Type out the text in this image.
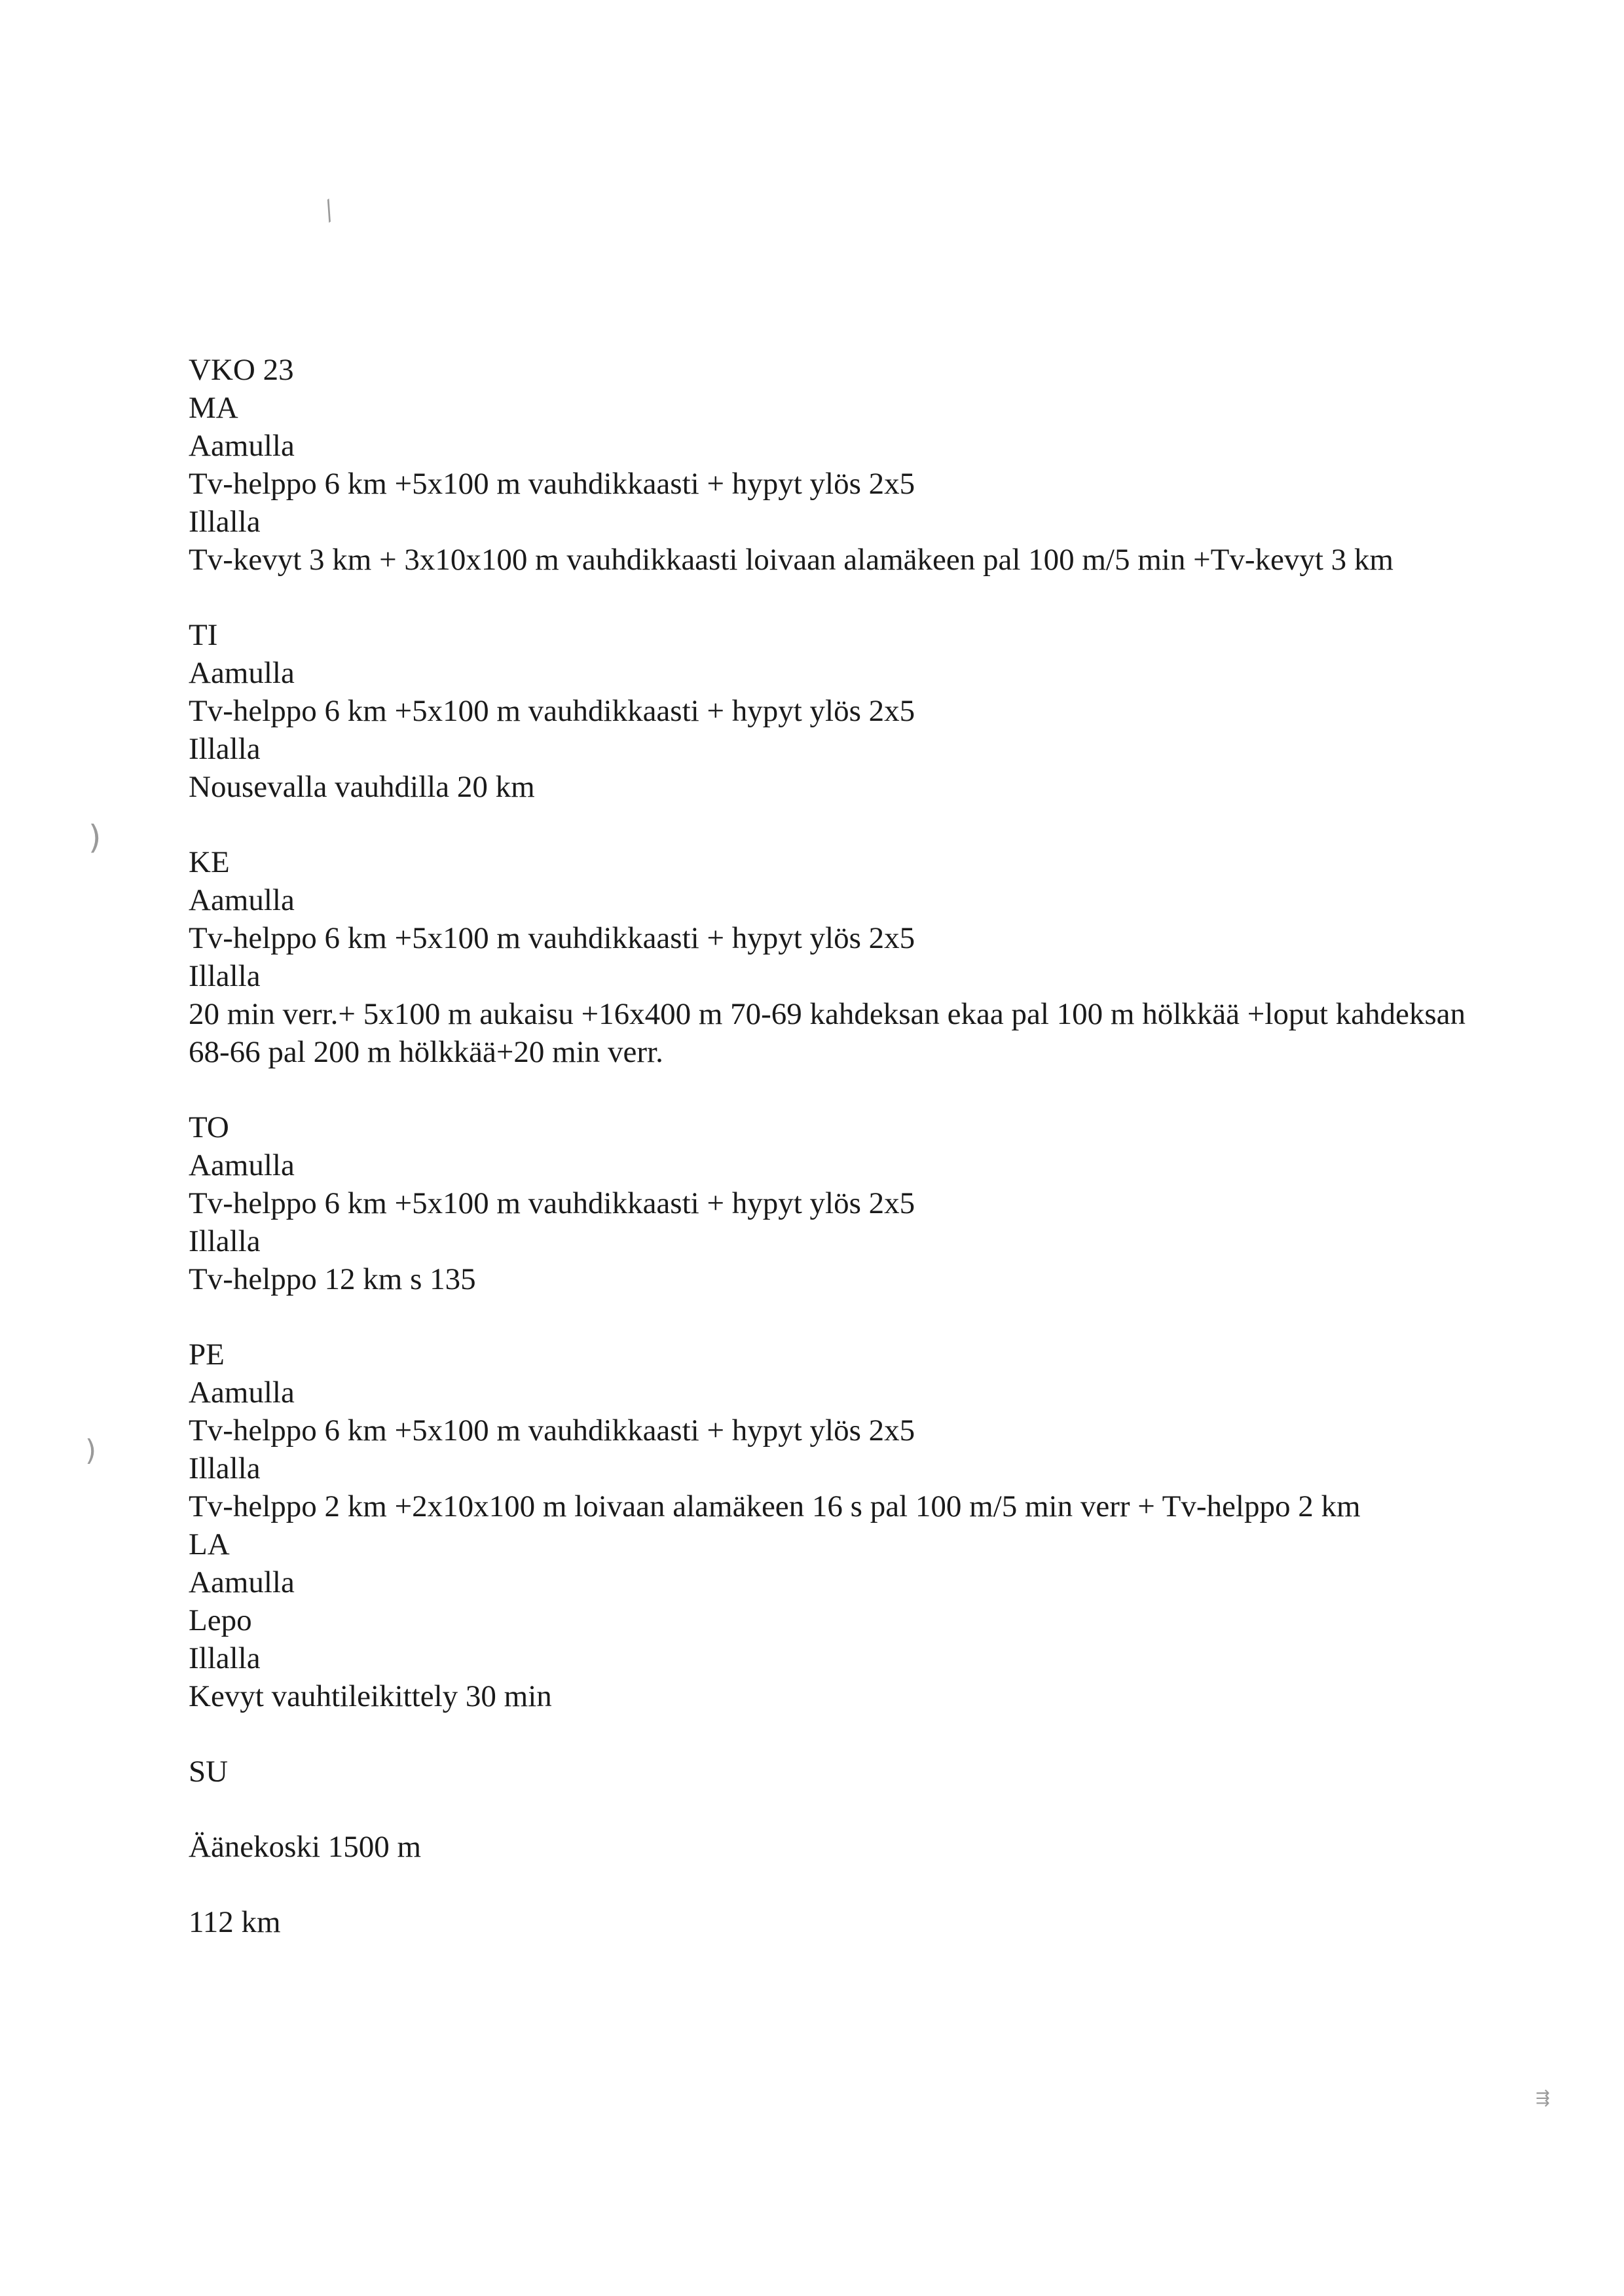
⁄
)
)
⇶
VKO 23
MA
Aamulla
Tv-helppo 6 km +5x100 m vauhdikkaasti + hypyt ylös 2x5
Illalla
Tv-kevyt 3 km + 3x10x100 m vauhdikkaasti loivaan alamäkeen pal 100 m/5 min +Tv-kevyt 3 km
TI
Aamulla
Tv-helppo 6 km +5x100 m vauhdikkaasti + hypyt ylös 2x5
Illalla
Nousevalla vauhdilla 20 km
KE
Aamulla
Tv-helppo 6 km +5x100 m vauhdikkaasti + hypyt ylös 2x5
Illalla
20 min verr.+ 5x100 m aukaisu +16x400 m 70-69 kahdeksan ekaa pal 100 m hölkkää +loput kahdeksan 68-66 pal 200 m hölkkää+20 min verr.
TO
Aamulla
Tv-helppo 6 km +5x100 m vauhdikkaasti + hypyt ylös 2x5
Illalla
Tv-helppo 12 km s 135
PE
Aamulla
Tv-helppo 6 km +5x100 m vauhdikkaasti + hypyt ylös 2x5
Illalla
Tv-helppo 2 km +2x10x100 m loivaan alamäkeen 16 s pal 100 m/5 min verr + Tv-helppo 2 km
LA
Aamulla
Lepo
Illalla
Kevyt vauhtileikittely 30 min
SU
Äänekoski 1500 m
112 km
